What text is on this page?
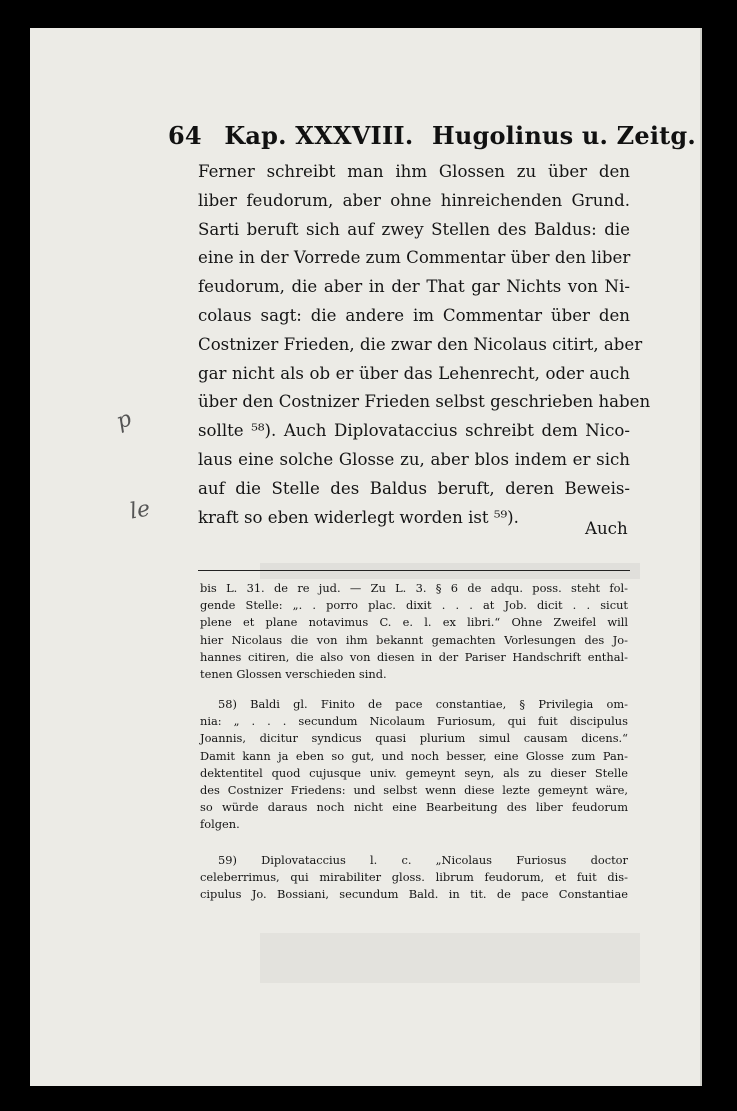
p
le
64 Kap. XXXVIII. Hugolinus u. Zeitg.
Ferner schreibt man ihm Glossen zu über den
liber feudorum, aber ohne hinreichenden Grund.
Sarti beruft sich auf zwey Stellen des Baldus: die
eine in der Vorrede zum Commentar über den liber
feudorum, die aber in der That gar Nichts von Ni-
colaus sagt: die andere im Commentar über den
Costnizer Frieden, die zwar den Nicolaus citirt, aber
gar nicht als ob er über das Lehenrecht, oder auch
über den Costnizer Frieden selbst geschrieben haben
sollte ⁵⁸). Auch Diplovataccius schreibt dem Nico-
laus eine solche Glosse zu, aber blos indem er sich
auf die Stelle des Baldus beruft, deren Beweis-
kraft so eben widerlegt worden ist ⁵⁹).
Auch
bis L. 31. de re jud. — Zu L. 3. § 6 de adqu. poss. steht fol-
gende Stelle: „. . porro plac. dixit . . . at Job. dicit . . sicut
plene et plane notavimus C. e. l. ex libri.“ Ohne Zweifel will
hier Nicolaus die von ihm bekannt gemachten Vorlesungen des Jo-
hannes citiren, die also von diesen in der Pariser Handschrift enthal-
tenen Glossen verschieden sind.
58) Baldi gl. Finito de pace constantiae, § Privilegia om-
nia: „ . . . secundum Nicolaum Furiosum, qui fuit discipulus
Joannis, dicitur syndicus quasi plurium simul causam dicens.“
Damit kann ja eben so gut, und noch besser, eine Glosse zum Pan-
dektentitel quod cujusque univ. gemeynt seyn, als zu dieser Stelle
des Costnizer Friedens: und selbst wenn diese lezte gemeynt wäre,
so würde daraus noch nicht eine Bearbeitung des liber feudorum
folgen.
59) Diplovataccius l. c. „Nicolaus Furiosus doctor
celeberrimus, qui mirabiliter gloss. librum feudorum, et fuit dis-
cipulus Jo. Bossiani, secundum Bald. in tit. de pace Constantiae
